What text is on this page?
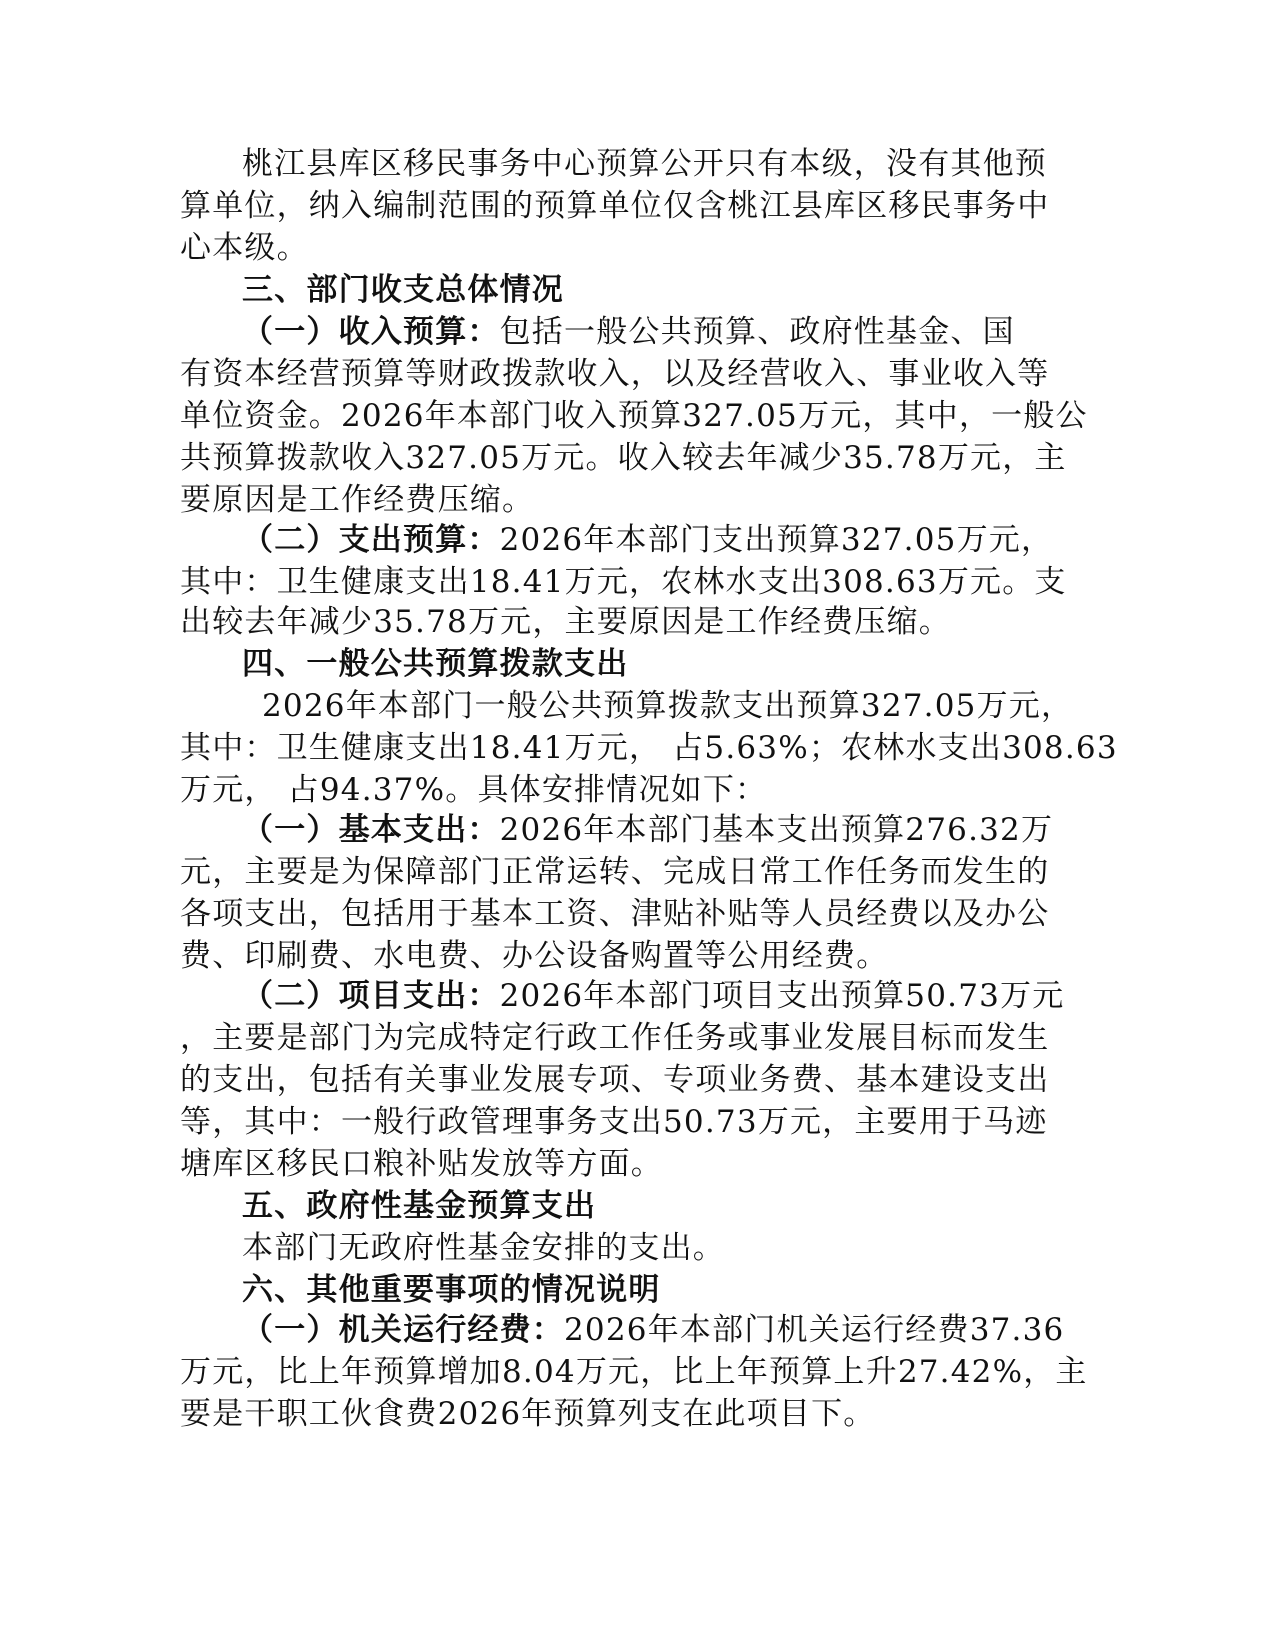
桃江县库区移民事务中心预算公开只有本级，没有其他预
算单位，纳入编制范围的预算单位仅含桃江县库区移民事务中
心本级。
三、部门收支总体情况
（一）收入预算：包括一般公共预算、政府性基金、国
有资本经营预算等财政拨款收入，以及经营收入、事业收入等
单位资金。2026年本部门收入预算327.05万元，其中，一般公
共预算拨款收入327.05万元。收入较去年减少35.78万元，主
要原因是工作经费压缩。
（二）支出预算：2026年本部门支出预算327.05万元，
其中：卫生健康支出18.41万元，农林水支出308.63万元。支
出较去年减少35.78万元，主要原因是工作经费压缩。
四、一般公共预算拨款支出
2026年本部门一般公共预算拨款支出预算327.05万元，
其中：卫生健康支出18.41万元， 占5.63%；农林水支出308.63
万元， 占94.37%。具体安排情况如下：
（一）基本支出：2026年本部门基本支出预算276.32万
元，主要是为保障部门正常运转、完成日常工作任务而发生的
各项支出，包括用于基本工资、津贴补贴等人员经费以及办公
费、印刷费、水电费、办公设备购置等公用经费。
（二）项目支出：2026年本部门项目支出预算50.73万元
，主要是部门为完成特定行政工作任务或事业发展目标而发生
的支出，包括有关事业发展专项、专项业务费、基本建设支出
等，其中：一般行政管理事务支出50.73万元，主要用于马迹
塘库区移民口粮补贴发放等方面。
五、政府性基金预算支出
本部门无政府性基金安排的支出。
六、其他重要事项的情况说明
（一）机关运行经费：2026年本部门机关运行经费37.36
万元，比上年预算增加8.04万元，比上年预算上升27.42%，主
要是干职工伙食费2026年预算列支在此项目下。
